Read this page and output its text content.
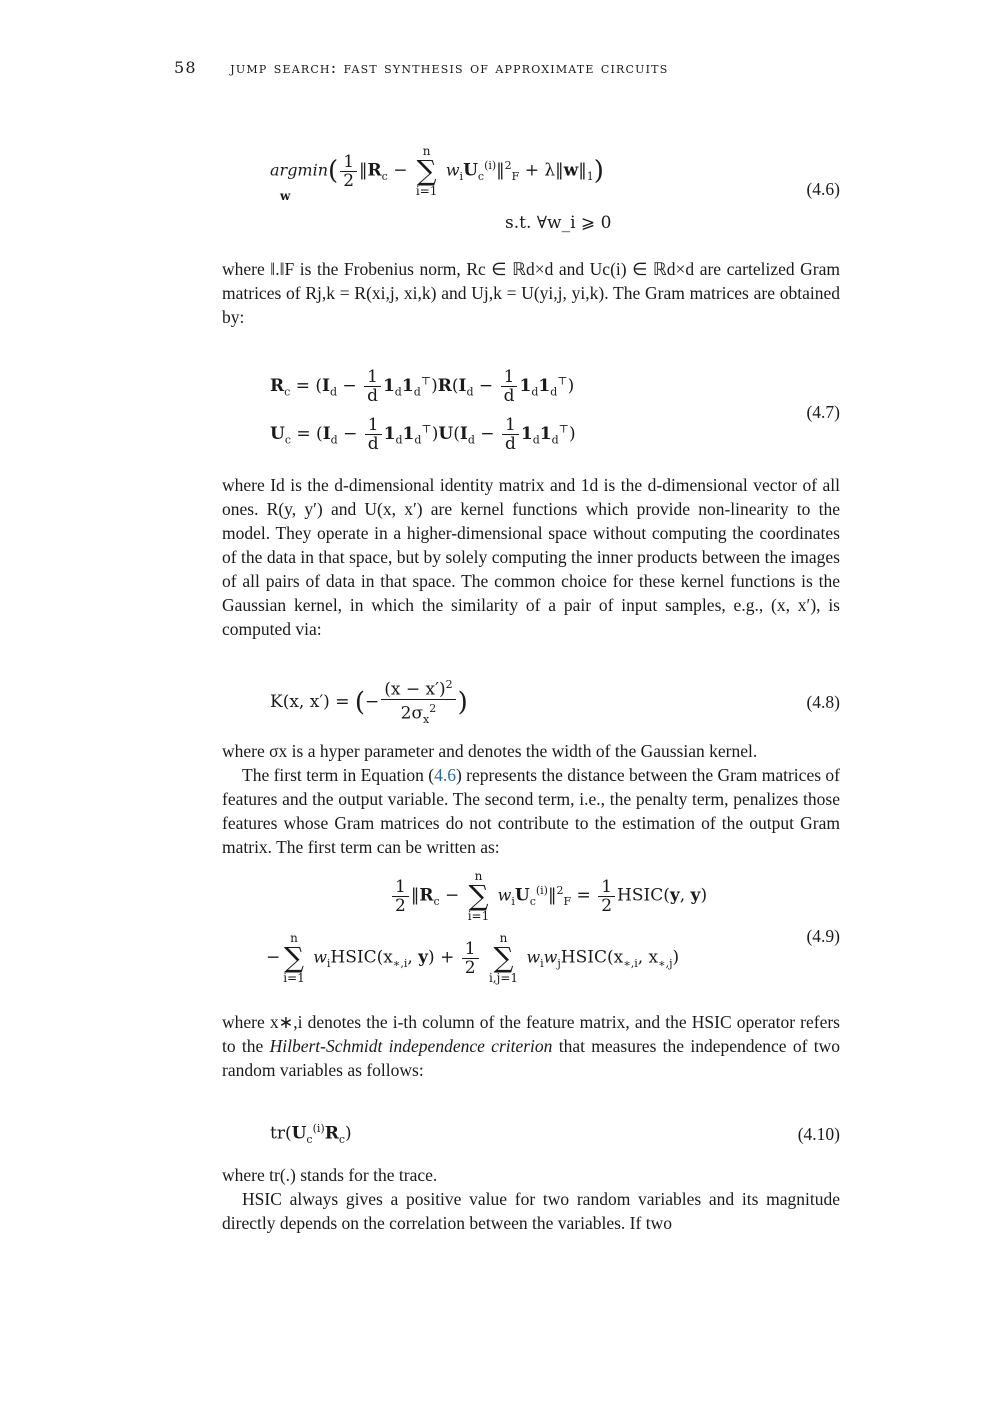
58 jump search: fast synthesis of approximate circuits
$argmin( \frac{1}{2}$ $‖R_c$ −
n
∑
i=1
$w_iU_c^{(i)}‖^2_F$ + $\lambda‖w‖_1$)
w
s.t. ∀w_i ⩾ 0
(4.6)
where ‖.‖F is the Frobenius norm, Rc ∈ ℝd×d and Uc(i) ∈ ℝd×d are cartelized Gram matrices of Rj,k = R(xi,j, xi,k) and Uj,k = U(yi,j, yi,k). The Gram matrices are obtained by:
$R_c = (I_d - \frac{1}{d} 1_d1_d^⊤)R(I_d - \frac{1}{d} 1_d1_d^⊤)$
$U_c = (I_d - \frac{1}{d} 1_d1_d^⊤)U(I_d - \frac{1}{d} 1_d1_d^⊤)$
(4.7)
where Id is the d-dimensional identity matrix and 1d is the d-dimensional vector of all ones. R(y, y′) and U(x, x′) are kernel functions which provide non-linearity to the model. They operate in a higher-dimensional space without computing the coordinates of the data in that space, but by solely computing the inner products between the images of all pairs of data in that space. The common choice for these kernel functions is the Gaussian kernel, in which the similarity of a pair of input samples, e.g., (x, x′), is computed via:
K(x, x′) = (− $\frac{(x - x')^2}{2\sigma_x^2}$ )	(4.8)
where σx is a hyper parameter and denotes the width of the Gaussian kernel.
The first term in Equation (4.6) represents the distance between the Gram matrices of features and the output variable. The second term, i.e., the penalty term, penalizes those features whose Gram matrices do not contribute to the estimation of the output Gram matrix. The first term can be written as:
$\frac{1}{2}$ $‖R_c$ −
n
∑
i=1
$w_iU_c^{(i)}‖^2_F = \frac{1}{2}$ HSIC(y, y)
−
n
∑
i=1
$w_iHSIC(x_{∗,i}$, $y) + \frac{1}{2}$

n
∑
i,j=1
$w_iw_jHSIC(x_{∗,i}$, $x_{∗,j}$)
(4.9)
where x∗,i denotes the i-th column of the feature matrix, and the HSIC operator refers to the Hilbert-Schmidt independence criterion that measures the independence of two random variables as follows:
$tr(U_c^{(i)}R_c)$	(4.10)
where tr(.) stands for the trace.
HSIC always gives a positive value for two random variables and its magnitude directly depends on the correlation between the variables. If two
